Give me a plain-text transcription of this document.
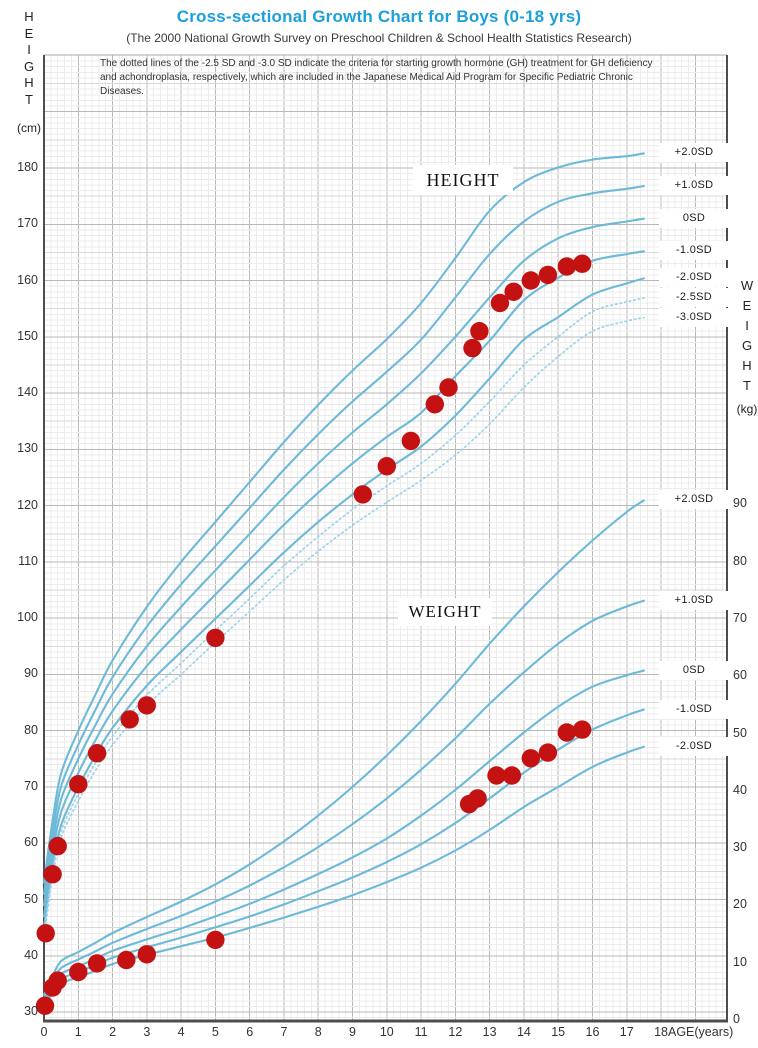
Cross-sectional Growth Chart for Boys (0-18 yrs)
(The 2000 National Growth Survey on Preschool Children & School Health Statistics Research)
The dotted lines of the -2.5 SD and -3.0 SD indicate the criteria for starting growth hormone (GH) treatment for GH deficiency and achondroplasia, respectively, which are included in the Japanese Medical Aid Program for Specific Pediatric Chronic Diseases.
(cm)
(kg)
HEIGHT
WEIGHT
180
170
160
150
140
130
120
110
100
90
80
70
60
50
40
30
90
80
70
60
50
40
30
20
10
0
0	1	2	3	4	5	6	7	8	9	10	11	12	13	14	15	16	17	18
+2.0SD
+1.0SD
0SD
-1.0SD
-2.0SD
-2.5SD
-3.0SD
+2.0SD
+1.0SD
0SD
-1.0SD
-2.0SD
AGE(years)
H
E
I
G
H
T
W
E
I
G
H
T
